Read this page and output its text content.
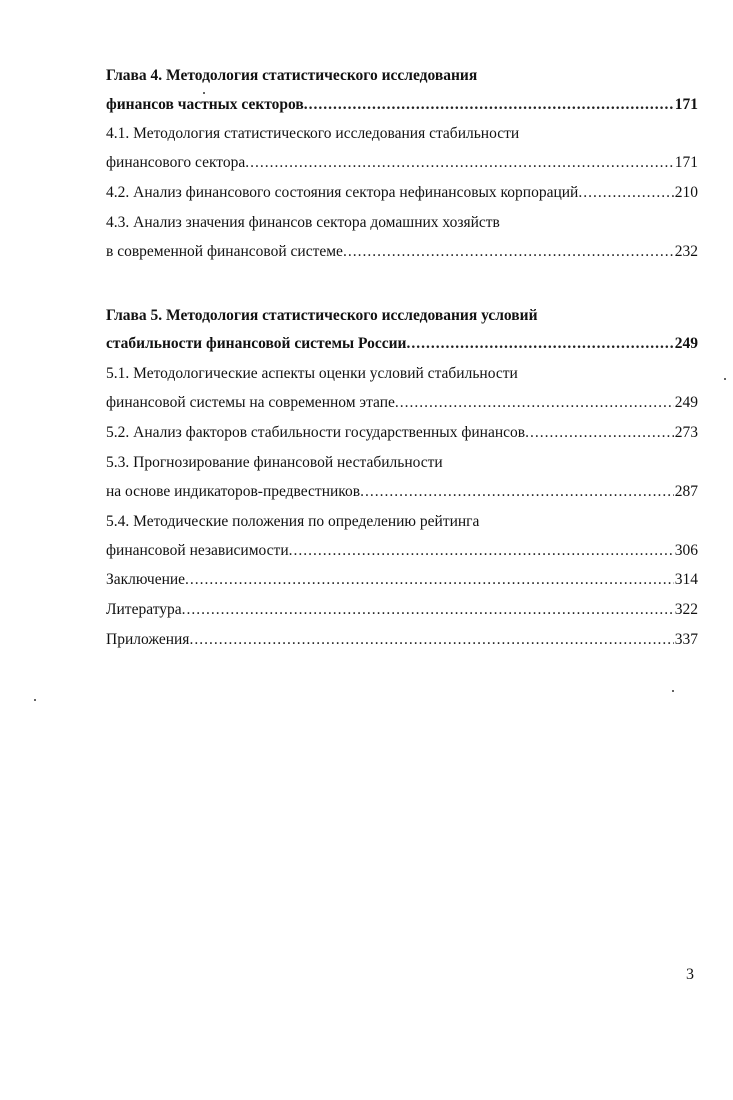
Глава 4. Методология статистического исследования
финансов частных секторов .....	171
4.1. Методология статистического исследования стабильности
финансового сектора .....	171
4.2. Анализ финансового состояния сектора нефинансовых корпораций .....	210
4.3. Анализ значения финансов сектора домашних хозяйств
в современной финансовой системе .....	232
Глава 5. Методология статистического исследования условий
стабильности финансовой системы России .....	249
5.1. Методологические аспекты оценки условий стабильности
финансовой системы на современном этапе .....	249
5.2. Анализ факторов стабильности государственных финансов .....	273
5.3. Прогнозирование финансовой нестабильности
на основе индикаторов-предвестников .....	287
5.4. Методические положения по определению рейтинга
финансовой независимости .....	306
Заключение .....	314
Литература .....	322
Приложения .....	337
3
